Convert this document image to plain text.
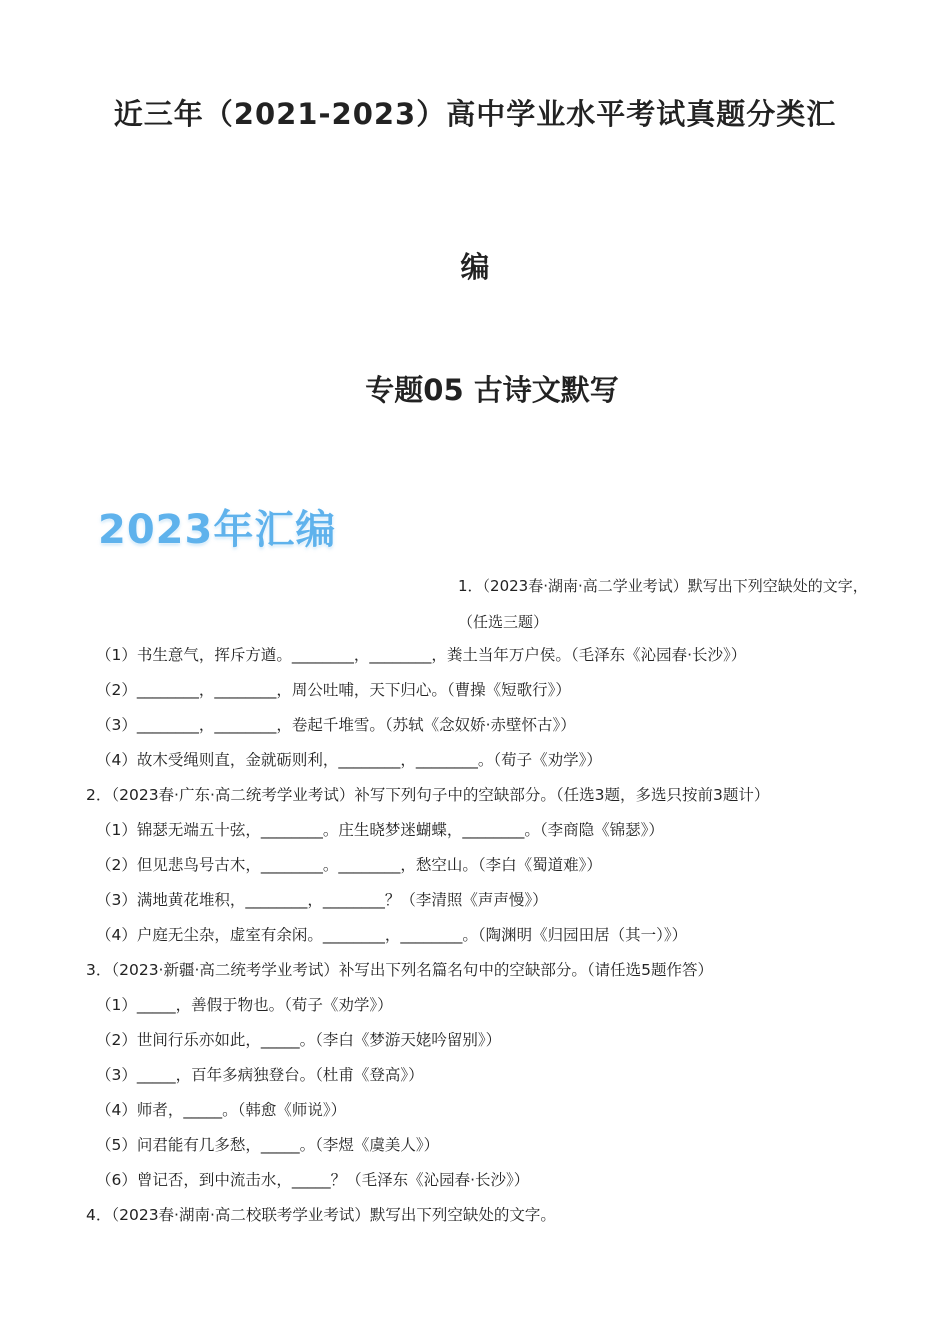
近三年（2021-2023）高中学业水平考试真题分类汇
编
专题05 古诗文默写
2023年汇编
1．（2023春·湖南·高二学业考试）默写出下列空缺处的文字，（任选三题）
（1）书生意气，挥斥方遒。________，________，粪土当年万户侯。（毛泽东《沁园春·长沙》）
（2）________，________，周公吐哺，天下归心。（曹操《短歌行》）
（3）________，________，卷起千堆雪。（苏轼《念奴娇·赤壁怀古》）
（4）故木受绳则直，金就砺则利，________，________。（荀子《劝学》）
2．（2023春·广东·高二统考学业考试）补写下列句子中的空缺部分。（任选3题，多选只按前3题计）
（1）锦瑟无端五十弦，________。庄生晓梦迷蝴蝶，________。（李商隐《锦瑟》）
（2）但见悲鸟号古木，________。________，愁空山。（李白《蜀道难》）
（3）满地黄花堆积，________，________？（李清照《声声慢》）
（4）户庭无尘杂，虚室有余闲。________，________。（陶渊明《归园田居（其一）》）
3．（2023·新疆·高二统考学业考试）补写出下列名篇名句中的空缺部分。（请任选5题作答）
（1）_____，善假于物也。（荀子《劝学》）
（2）世间行乐亦如此，_____。（李白《梦游天姥吟留别》）
（3）_____，百年多病独登台。（杜甫《登高》）
（4）师者，_____。（韩愈《师说》）
（5）问君能有几多愁，_____。（李煜《虞美人》）
（6）曾记否，到中流击水，_____？（毛泽东《沁园春·长沙》）
4．（2023春·湖南·高二校联考学业考试）默写出下列空缺处的文字。
